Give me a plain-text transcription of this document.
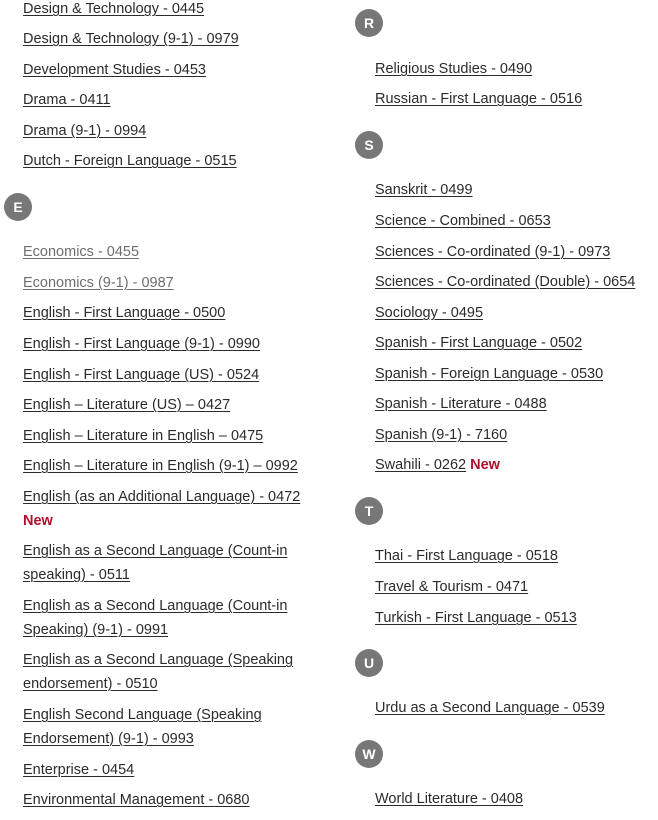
Design & Technology - 0445
Design & Technology (9-1) - 0979
Development Studies - 0453
Drama - 0411
Drama (9-1) - 0994
Dutch - Foreign Language - 0515
E
Economics - 0455
Economics (9-1) - 0987
English - First Language - 0500
English - First Language (9-1) - 0990
English - First Language (US) - 0524
English – Literature (US) – 0427
English – Literature in English – 0475
English – Literature in English (9-1) – 0992
English (as an Additional Language) - 0472
New
English as a Second Language (Count-in speaking) - 0511
English as a Second Language (Count-in Speaking) (9-1) - 0991
English as a Second Language (Speaking endorsement) - 0510
English Second Language (Speaking Endorsement) (9-1) - 0993
Enterprise - 0454
Environmental Management - 0680
R
Religious Studies - 0490
Russian - First Language - 0516
S
Sanskrit - 0499
Science - Combined - 0653
Sciences - Co-ordinated (9-1) - 0973
Sciences - Co-ordinated (Double) - 0654
Sociology - 0495
Spanish - First Language - 0502
Spanish - Foreign Language - 0530
Spanish - Literature - 0488
Spanish (9-1) - 7160
Swahili - 0262 New
T
Thai - First Language - 0518
Travel & Tourism - 0471
Turkish - First Language - 0513
U
Urdu as a Second Language - 0539
W
World Literature - 0408
